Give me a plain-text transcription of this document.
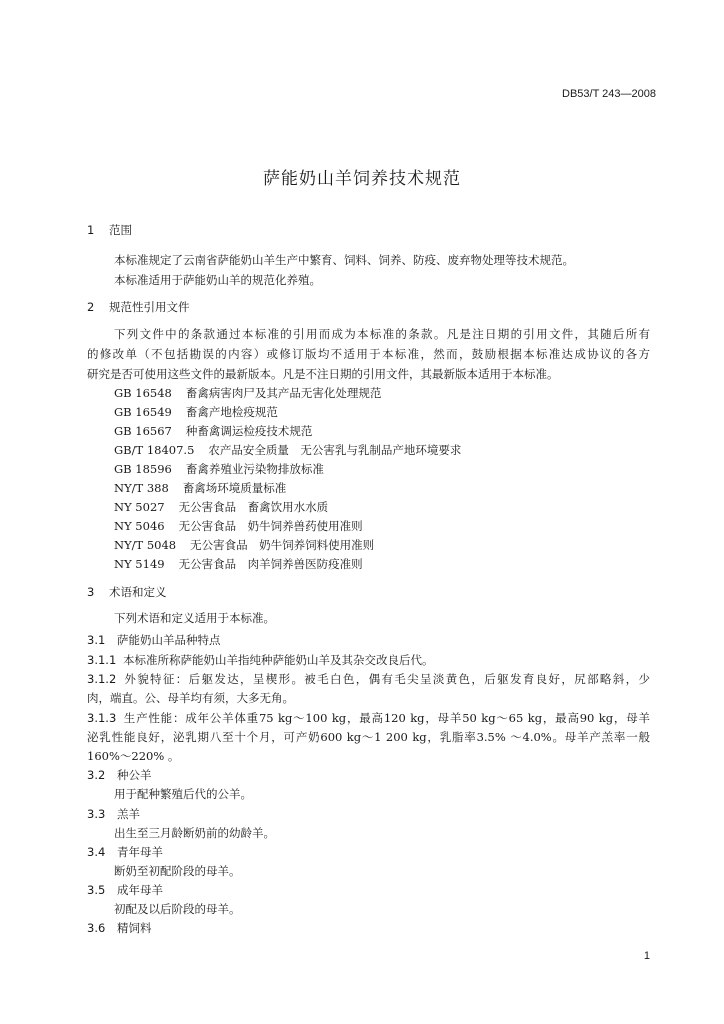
DB53/T 243—2008
萨能奶山羊饲养技术规范
1 范围
本标准规定了云南省萨能奶山羊生产中繁育、饲料、饲养、防疫、废弃物处理等技术规范。
本标准适用于萨能奶山羊的规范化养殖。
2 规范性引用文件
下列文件中的条款通过本标准的引用而成为本标准的条款。凡是注日期的引用文件，其随后所有
的修改单（不包括勘误的内容）或修订版均不适用于本标准，然而，鼓励根据本标准达成协议的各方
研究是否可使用这些文件的最新版本。凡是不注日期的引用文件，其最新版本适用于本标准。
GB 16548 畜禽病害肉尸及其产品无害化处理规范
GB 16549 畜禽产地检疫规范
GB 16567 种畜禽调运检疫技术规范
GB/T 18407.5 农产品安全质量　无公害乳与乳制品产地环境要求
GB 18596 畜禽养殖业污染物排放标准
NY/T 388 畜禽场环境质量标准
NY 5027 无公害食品　畜禽饮用水水质
NY 5046 无公害食品　奶牛饲养兽药使用准则
NY/T 5048 无公害食品　奶牛饲养饲料使用准则
NY 5149 无公害食品　肉羊饲养兽医防疫准则
3 术语和定义
下列术语和定义适用于本标准。
3.1 萨能奶山羊品种特点
3.1.1 本标准所称萨能奶山羊指纯种萨能奶山羊及其杂交改良后代。
3.1.2 外貌特征：后躯发达，呈楔形。被毛白色，偶有毛尖呈淡黄色，后躯发育良好，尻部略斜，少
肉，端直。公、母羊均有须，大多无角。
3.1.3 生产性能：成年公羊体重75 kg～100 kg，最高120 kg，母羊50 kg～65 kg，最高90 kg，母羊
泌乳性能良好，泌乳期八至十个月，可产奶600 kg～1 200 kg，乳脂率3.5% ～4.0%。母羊产羔率一般
160%～220% 。
3.2 种公羊
用于配种繁殖后代的公羊。
3.3 羔羊
出生至三月龄断奶前的幼龄羊。
3.4 青年母羊
断奶至初配阶段的母羊。
3.5 成年母羊
初配及以后阶段的母羊。
3.6 精饲料
1
